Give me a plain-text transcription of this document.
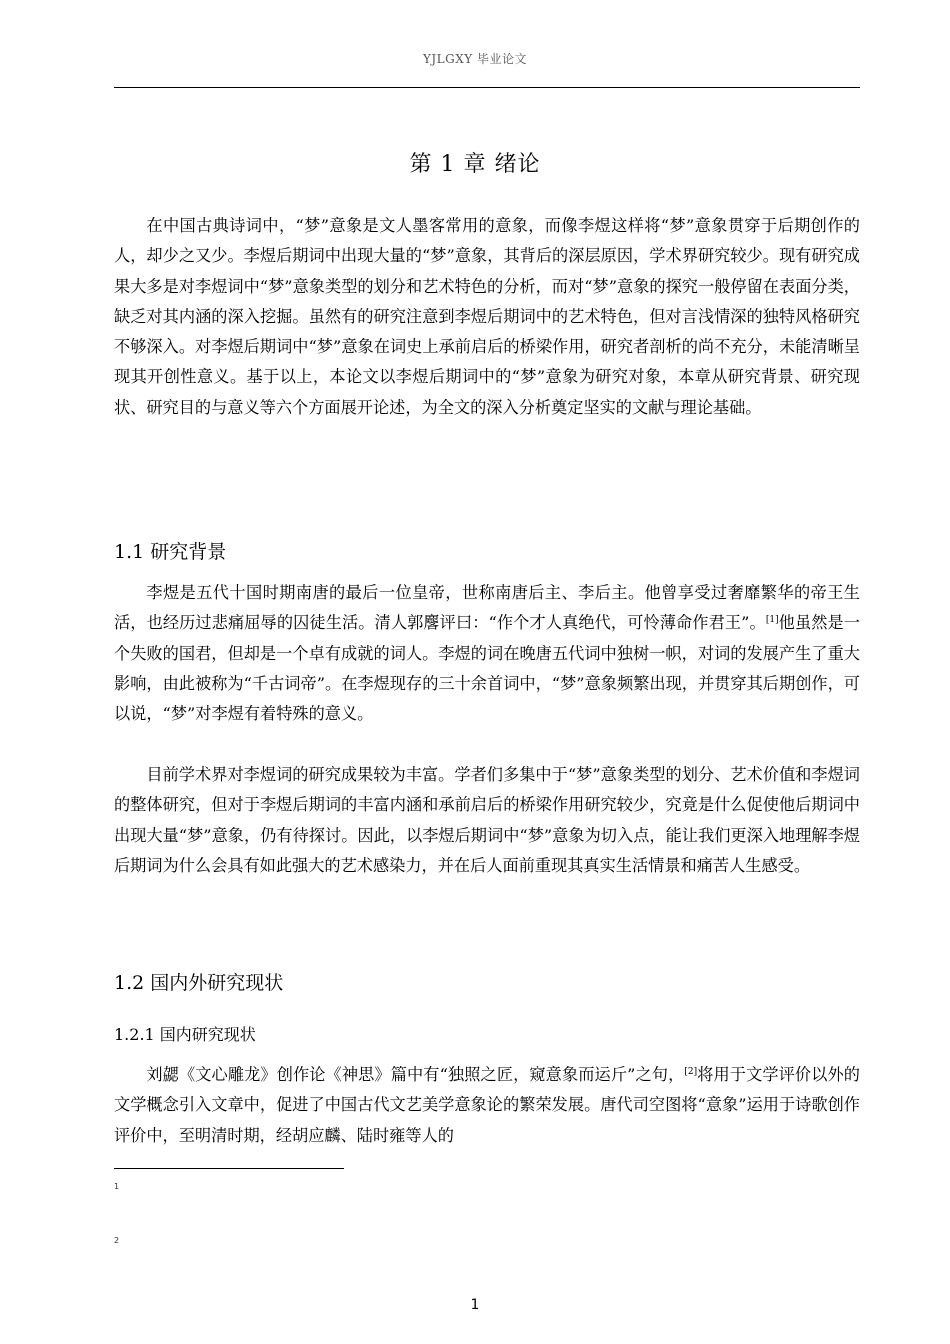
YJLGXY 毕业论文
第 1 章 绪论

在中国古典诗词中，“梦”意象是文人墨客常用的意象，而像李煜这样将“梦”意象贯穿于后期创作的人，却少之又少。李煜后期词中出现大量的“梦”意象，其背后的深层原因，学术界研究较少。现有研究成果大多是对李煜词中“梦”意象类型的划分和艺术特色的分析，而对“梦”意象的探究一般停留在表面分类，缺乏对其内涵的深入挖掘。虽然有的研究注意到李煜后期词中的艺术特色，但对言浅情深的独特风格研究不够深入。对李煜后期词中“梦”意象在词史上承前启后的桥梁作用，研究者剖析的尚不充分，未能清晰呈现其开创性意义。基于以上，本论文以李煜后期词中的“梦”意象为研究对象，本章从研究背景、研究现状、研究目的与意义等六个方面展开论述，为全文的深入分析奠定坚实的文献与理论基础。

1.1 研究背景

李煜是五代十国时期南唐的最后一位皇帝，世称南唐后主、李后主。他曾享受过奢靡繁华的帝王生活，也经历过悲痛屈辱的囚徒生活。清人郭麐评曰：“作个才人真绝代，可怜薄命作君王”。[1]他虽然是一个失败的国君，但却是一个卓有成就的词人。李煜的词在晚唐五代词中独树一帜，对词的发展产生了重大影响，由此被称为“千古词帝”。在李煜现存的三十余首词中，“梦”意象频繁出现，并贯穿其后期创作，可以说，“梦”对李煜有着特殊的意义。

目前学术界对李煜词的研究成果较为丰富。学者们多集中于“梦”意象类型的划分、艺术价值和李煜词的整体研究，但对于李煜后期词的丰富内涵和承前启后的桥梁作用研究较少，究竟是什么促使他后期词中出现大量“梦”意象，仍有待探讨。因此，以李煜后期词中“梦”意象为切入点，能让我们更深入地理解李煜后期词为什么会具有如此强大的艺术感染力，并在后人面前重现其真实生活情景和痛苦人生感受。

1.2 国内外研究现状
1.2.1 国内研究现状

刘勰《文心雕龙》创作论《神思》篇中有“独照之匠，窥意象而运斤”之句，[2]将用于文学评价以外的文学概念引入文章中，促进了中国古代文艺美学意象论的繁荣发展。唐代司空图将“意象”运用于诗歌创作评价中，至明清时期，经胡应麟、陆时雍等人的

1
2
1
